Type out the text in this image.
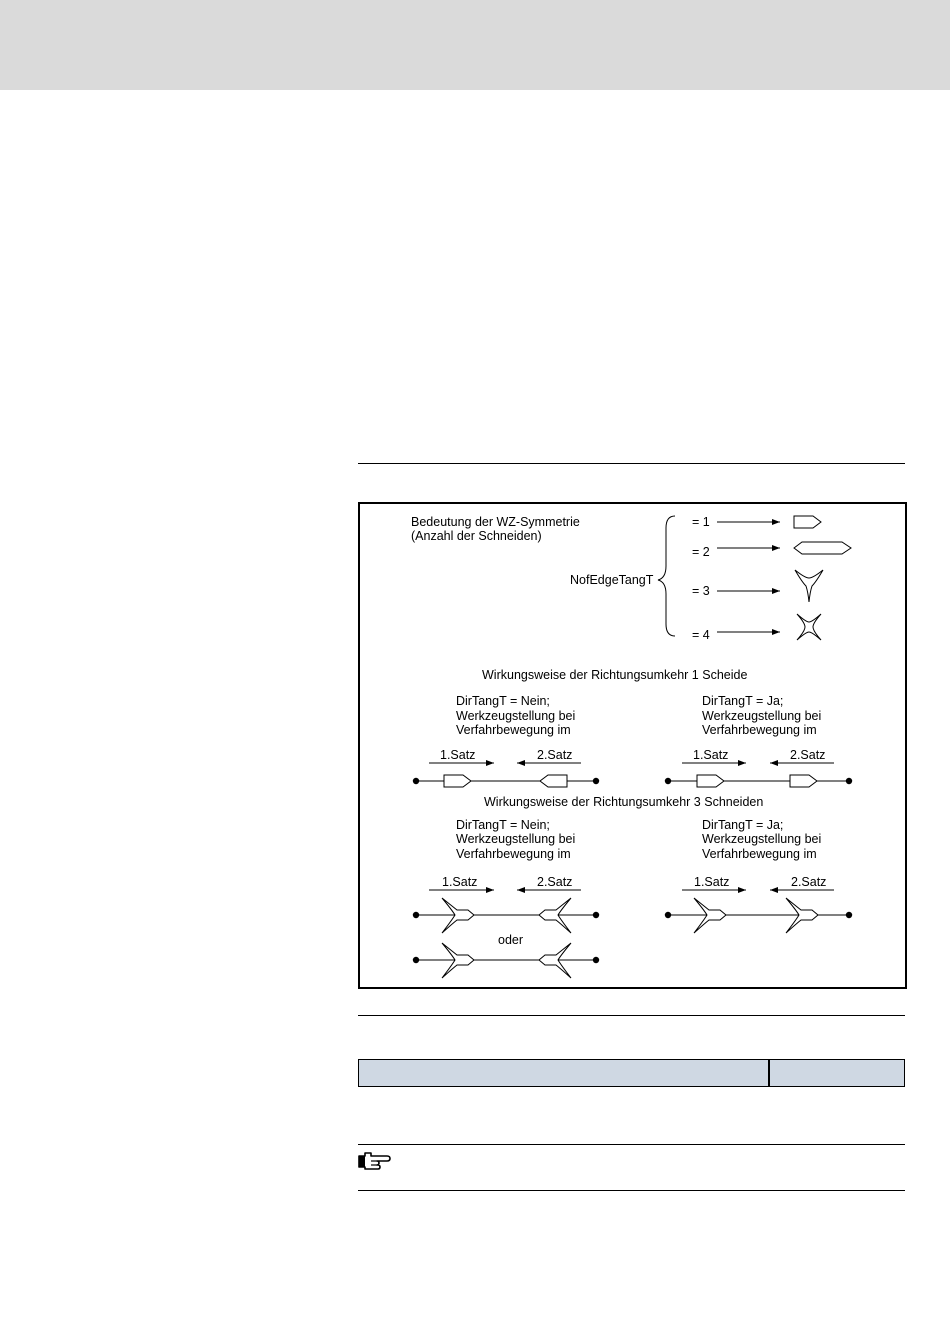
Bedeutung der WZ-Symmetrie
(Anzahl der Schneiden)
NofEdgeTangT
= 1
= 2
= 3
= 4
Wirkungsweise der Richtungsumkehr 1 Scheide
DirTangT = Nein;
Werkzeugstellung bei
Verfahrbewegung im
DirTangT = Ja;
Werkzeugstellung bei
Verfahrbewegung im
1.Satz	2.Satz	1.Satz	2.Satz
Wirkungsweise der Richtungsumkehr 3 Schneiden
DirTangT = Nein;
Werkzeugstellung bei
Verfahrbewegung im
DirTangT = Ja;
Werkzeugstellung bei
Verfahrbewegung im
1.Satz	2.Satz	1.Satz	2.Satz
oder
